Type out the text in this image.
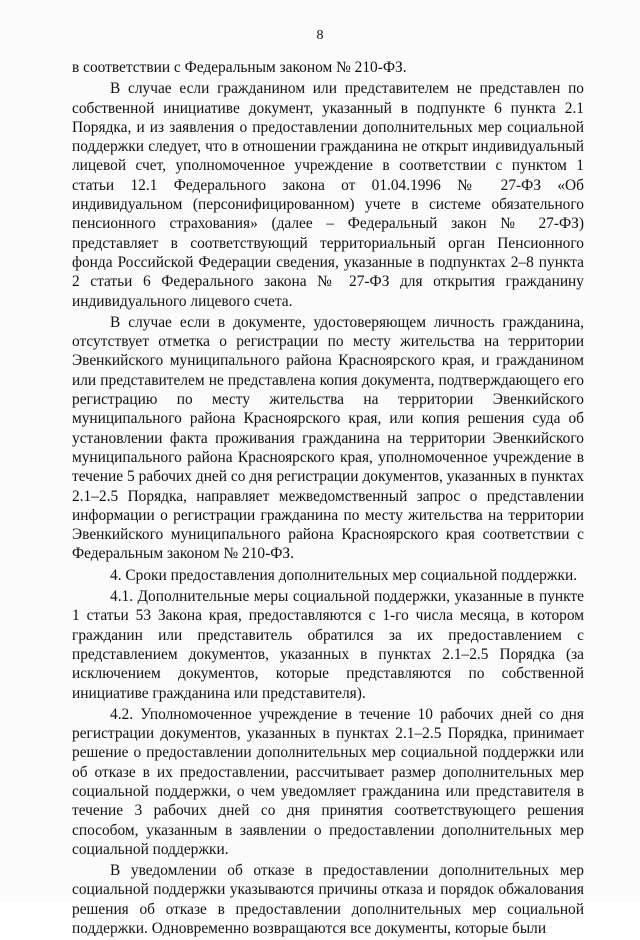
8

в соответствии с Федеральным законом № 210-ФЗ.

В случае если гражданином или представителем не представлен по собственной инициативе документ, указанный в подпункте 6 пункта 2.1 Порядка, и из заявления о предоставлении дополнительных мер социальной поддержки следует, что в отношении гражданина не открыт индивидуальный лицевой счет, уполномоченное учреждение в соответствии с пунктом 1 статьи 12.1 Федерального закона от 01.04.1996 № 27-ФЗ «Об индивидуальном (персонифицированном) учете в системе обязательного пенсионного страхования» (далее – Федеральный закон № 27-ФЗ) представляет в соответствующий территориальный орган Пенсионного фонда Российской Федерации сведения, указанные в подпунктах 2–8 пункта 2 статьи 6 Федерального закона № 27-ФЗ для открытия гражданину индивидуального лицевого счета.

В случае если в документе, удостоверяющем личность гражданина, отсутствует отметка о регистрации по месту жительства на территории Эвенкийского муниципального района Красноярского края, и гражданином или представителем не представлена копия документа, подтверждающего его регистрацию по месту жительства на территории Эвенкийского муниципального района Красноярского края, или копия решения суда об установлении факта проживания гражданина на территории Эвенкийского муниципального района Красноярского края, уполномоченное учреждение в течение 5 рабочих дней со дня регистрации документов, указанных в пунктах 2.1–2.5 Порядка, направляет межведомственный запрос о представлении информации о регистрации гражданина по месту жительства на территории Эвенкийского муниципального района Красноярского края соответствии с Федеральным законом № 210-ФЗ.

4. Сроки предоставления дополнительных мер социальной поддержки.

4.1. Дополнительные меры социальной поддержки, указанные в пункте 1 статьи 53 Закона края, предоставляются с 1-го числа месяца, в котором гражданин или представитель обратился за их предоставлением с представлением документов, указанных в пунктах 2.1–2.5 Порядка (за исключением документов, которые представляются по собственной инициативе гражданина или представителя).

4.2. Уполномоченное учреждение в течение 10 рабочих дней со дня регистрации документов, указанных в пунктах 2.1–2.5 Порядка, принимает решение о предоставлении дополнительных мер социальной поддержки или об отказе в их предоставлении, рассчитывает размер дополнительных мер социальной поддержки, о чем уведомляет гражданина или представителя в течение 3 рабочих дней со дня принятия соответствующего решения способом, указанным в заявлении о предоставлении дополнительных мер социальной поддержки.

В уведомлении об отказе в предоставлении дополнительных мер социальной поддержки указываются причины отказа и порядок обжалования решения об отказе в предоставлении дополнительных мер социальной поддержки. Одновременно возвращаются все документы, которые были
